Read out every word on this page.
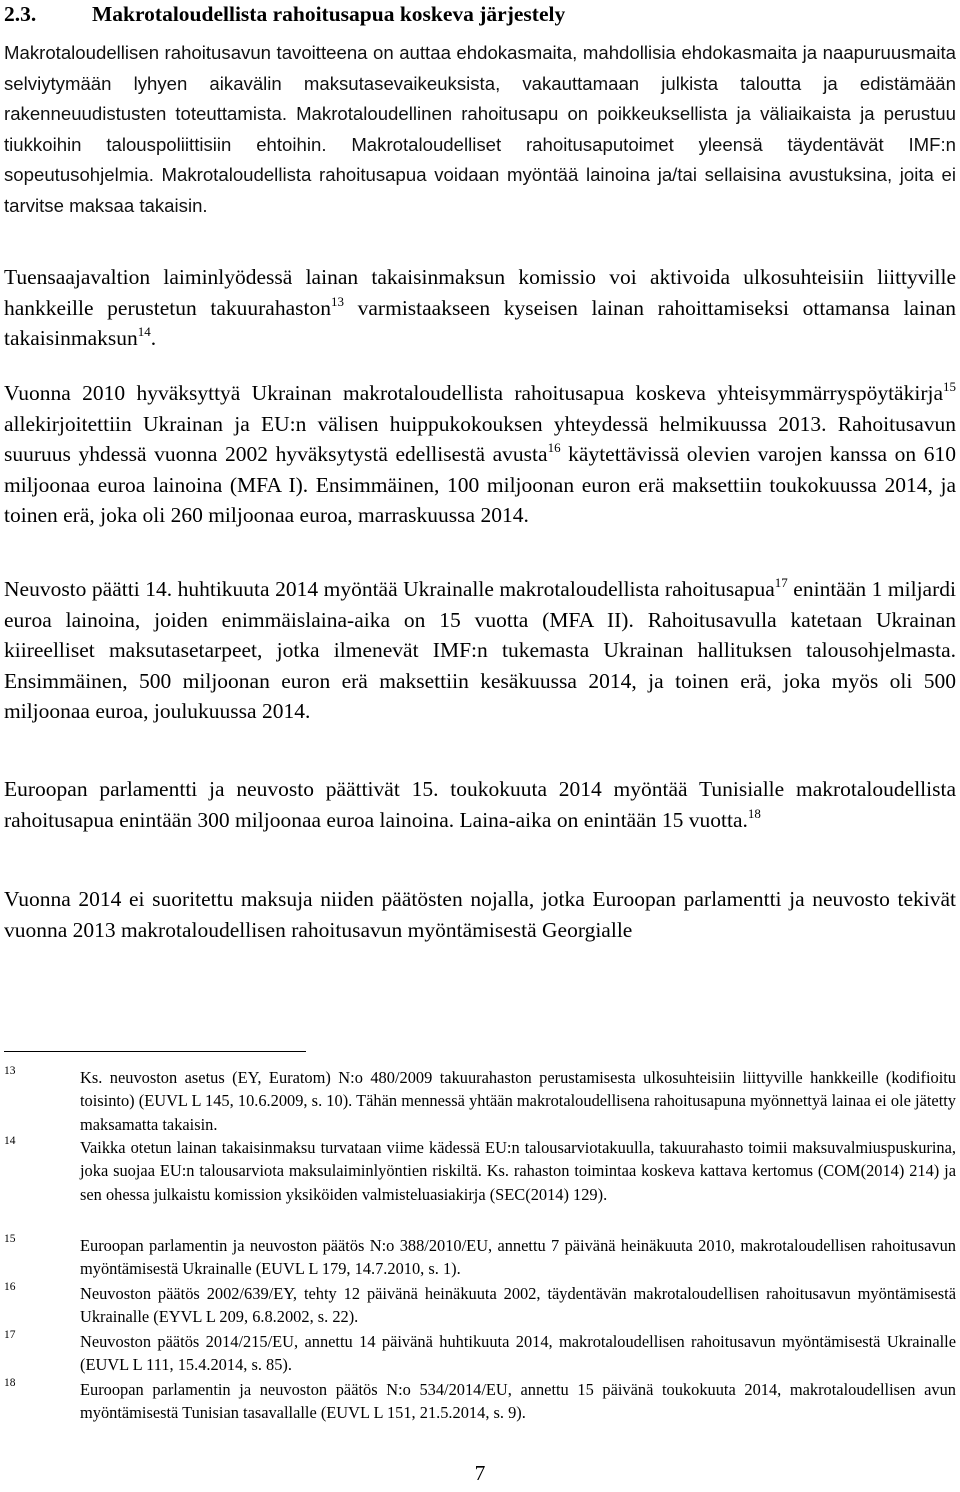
2.3.	Makrotaloudellista rahoitusapua koskeva järjestely

Makrotaloudellisen rahoitusavun tavoitteena on auttaa ehdokasmaita, mahdollisia ehdokasmaita ja naapuruusmaita selviytymään lyhyen aikavälin maksutasevaikeuksista, vakauttamaan julkista taloutta ja edistämään rakenneuudistusten toteuttamista. Makrotaloudellinen rahoitusapu on poikkeuksellista ja väliaikaista ja perustuu tiukkoihin talouspoliittisiin ehtoihin. Makrotaloudelliset rahoitusaputoimet yleensä täydentävät IMF:n sopeutusohjelmia. Makrotaloudellista rahoitusapua voidaan myöntää lainoina ja/tai sellaisina avustuksina, joita ei tarvitse maksaa takaisin.

Tuensaajavaltion laiminlyödessä lainan takaisinmaksun komissio voi aktivoida ulkosuhteisiin liittyville hankkeille perustetun takuurahaston$^{13}$ varmistaakseen kyseisen lainan rahoittamiseksi ottamansa lainan takaisinmaksun$^{14}$.

Vuonna 2010 hyväksyttyä Ukrainan makrotaloudellista rahoitusapua koskeva yhteisymmärryspöytäkirja$^{15}$ allekirjoitettiin Ukrainan ja EU:n välisen huippukokouksen yhteydessä helmikuussa 2013. Rahoitusavun suuruus yhdessä vuonna 2002 hyväksytystä edellisestä avusta$^{16}$ käytettävissä olevien varojen kanssa on 610 miljoonaa euroa lainoina (MFA I). Ensimmäinen, 100 miljoonan euron erä maksettiin toukokuussa 2014, ja toinen erä, joka oli 260 miljoonaa euroa, marraskuussa 2014.

Neuvosto päätti 14. huhtikuuta 2014 myöntää Ukrainalle makrotaloudellista rahoitusapua$^{17}$ enintään 1 miljardi euroa lainoina, joiden enimmäislaina-aika on 15 vuotta (MFA II). Rahoitusavulla katetaan Ukrainan kiireelliset maksutasetarpeet, jotka ilmenevät IMF:n tukemasta Ukrainan hallituksen talousohjelmasta. Ensimmäinen, 500 miljoonan euron erä maksettiin kesäkuussa 2014, ja toinen erä, joka myös oli 500 miljoonaa euroa, joulukuussa 2014.

Euroopan parlamentti ja neuvosto päättivät 15. toukokuuta 2014 myöntää Tunisialle makrotaloudellista rahoitusapua enintään 300 miljoonaa euroa lainoina. Laina-aika on enintään 15 vuotta.$^{18}$

Vuonna 2014 ei suoritettu maksuja niiden päätösten nojalla, jotka Euroopan parlamentti ja neuvosto tekivät vuonna 2013 makrotaloudellisen rahoitusavun myöntämisestä Georgialle

13	Ks. neuvoston asetus (EY, Euratom) N:o 480/2009 takuurahaston perustamisesta ulkosuhteisiin liittyville hankkeille (kodifioitu toisinto) (EUVL L 145, 10.6.2009, s. 10). Tähän mennessä yhtään makrotaloudellisena rahoitusapuna myönnettyä lainaa ei ole jätetty maksamatta takaisin.
14	Vaikka otetun lainan takaisinmaksu turvataan viime kädessä EU:n talousarviotakuulla, takuurahasto toimii maksuvalmiuspuskurina, joka suojaa EU:n talousarviota maksulaiminlyöntien riskiltä. Ks. rahaston toimintaa koskeva kattava kertomus (COM(2014) 214) ja sen ohessa julkaistu komission yksiköiden valmisteluasiakirja (SEC(2014) 129).
15	Euroopan parlamentin ja neuvoston päätös N:o 388/2010/EU, annettu 7 päivänä heinäkuuta 2010, makrotaloudellisen rahoitusavun myöntämisestä Ukrainalle (EUVL L 179, 14.7.2010, s. 1).
16	Neuvoston päätös 2002/639/EY, tehty 12 päivänä heinäkuuta 2002, täydentävän makrotaloudellisen rahoitusavun myöntämisestä Ukrainalle (EYVL L 209, 6.8.2002, s. 22).
17	Neuvoston päätös 2014/215/EU, annettu 14 päivänä huhtikuuta 2014, makrotaloudellisen rahoitusavun myöntämisestä Ukrainalle (EUVL L 111, 15.4.2014, s. 85).
18	Euroopan parlamentin ja neuvoston päätös N:o 534/2014/EU, annettu 15 päivänä toukokuuta 2014, makrotaloudellisen avun myöntämisestä Tunisian tasavallalle (EUVL L 151, 21.5.2014, s. 9).
7
